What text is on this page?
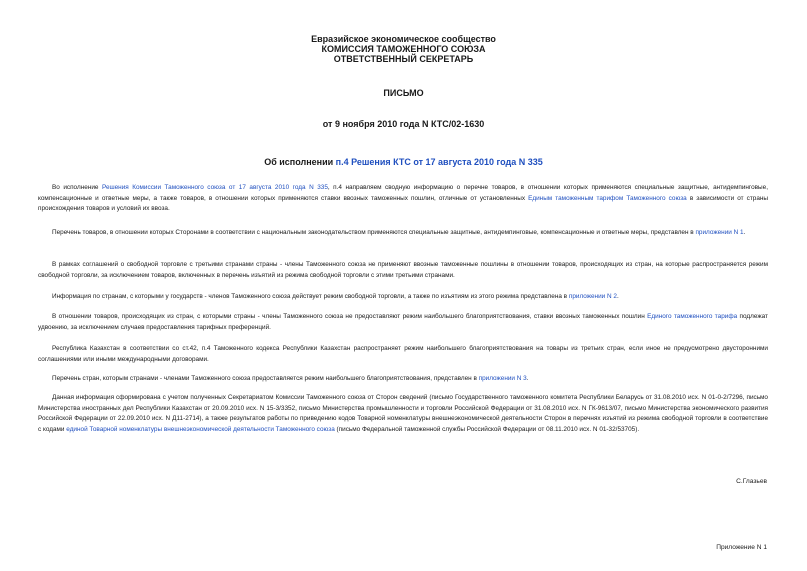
Евразийское экономическое сообщество
КОМИССИЯ ТАМОЖЕННОГО СОЮЗА
ОТВЕТСТВЕННЫЙ СЕКРЕТАРЬ
ПИСЬМО
от 9 ноября 2010 года N КТС/02-1630
Об исполнении п.4 Решения КТС от 17 августа 2010 года N 335
Во исполнение Решения Комиссии Таможенного союза от 17 августа 2010 года N 335, п.4 направляем сводную информацию о перечне товаров, в отношении которых применяются специальные защитные, антидемпинговые, компенсационные и ответные меры, а также товаров, в отношении которых применяются ставки ввозных таможенных пошлин, отличные от установленных Единым таможенным тарифом Таможенного союза в зависимости от страны происхождения товаров и условий их ввоза.
Перечень товаров, в отношении которых Сторонами в соответствии с национальным законодательством применяются специальные защитные, антидемпинговые, компенсационные и ответные меры, представлен в приложении N 1.
В рамках соглашений о свободной торговле с третьими странами страны - члены Таможенного союза не применяют ввозные таможенные пошлины в отношении товаров, происходящих из стран, на которые распространяется режим свободной торговли, за исключением товаров, включенных в перечень изъятий из режима свободной торговли с этими третьими странами.
Информация по странам, с которыми у государств - членов Таможенного союза действует режим свободной торговли, а также по изъятиям из этого режима представлена в приложении N 2.
В отношении товаров, происходящих из стран, с которыми страны - члены Таможенного союза не предоставляют режим наибольшего благоприятствования, ставки ввозных таможенных пошлин Единого таможенного тарифа подлежат удвоению, за исключением случаев предоставления тарифных преференций.
Республика Казахстан в соответствии со ст.42, п.4 Таможенного кодекса Республики Казахстан распространяет режим наибольшего благоприятствования на товары из третьих стран, если иное не предусмотрено двусторонними соглашениями или иными международными договорами.
Перечень стран, которым странами - членами Таможенного союза предоставляется режим наибольшего благоприятствования, представлен в приложении N 3.
Данная информация сформирована с учетом полученных Секретариатом Комиссии Таможенного союза от Сторон сведений (письмо Государственного таможенного комитета Республики Беларусь от 31.08.2010 исх. N 01-0-2/7296, письмо Министерства иностранных дел Республики Казахстан от 20.09.2010 исх. N 15-3/3352, письмо Министерства промышленности и торговли Российской Федерации от 31.08.2010 исх. N ГК-9613/07, письмо Министерства экономического развития Российской Федерации от 22.09.2010 исх. N Д11-2714), а также результатов работы по приведению кодов Товарной номенклатуры внешнеэкономической деятельности Сторон в перечнях изъятий из режима свободной торговли в соответствие с кодами единой Товарной номенклатуры внешнеэкономической деятельности Таможенного союза (письмо Федеральной таможенной службы Российской Федерации от 08.11.2010 исх. N 01-32/53705).
С.Глазьев
Приложение N 1
